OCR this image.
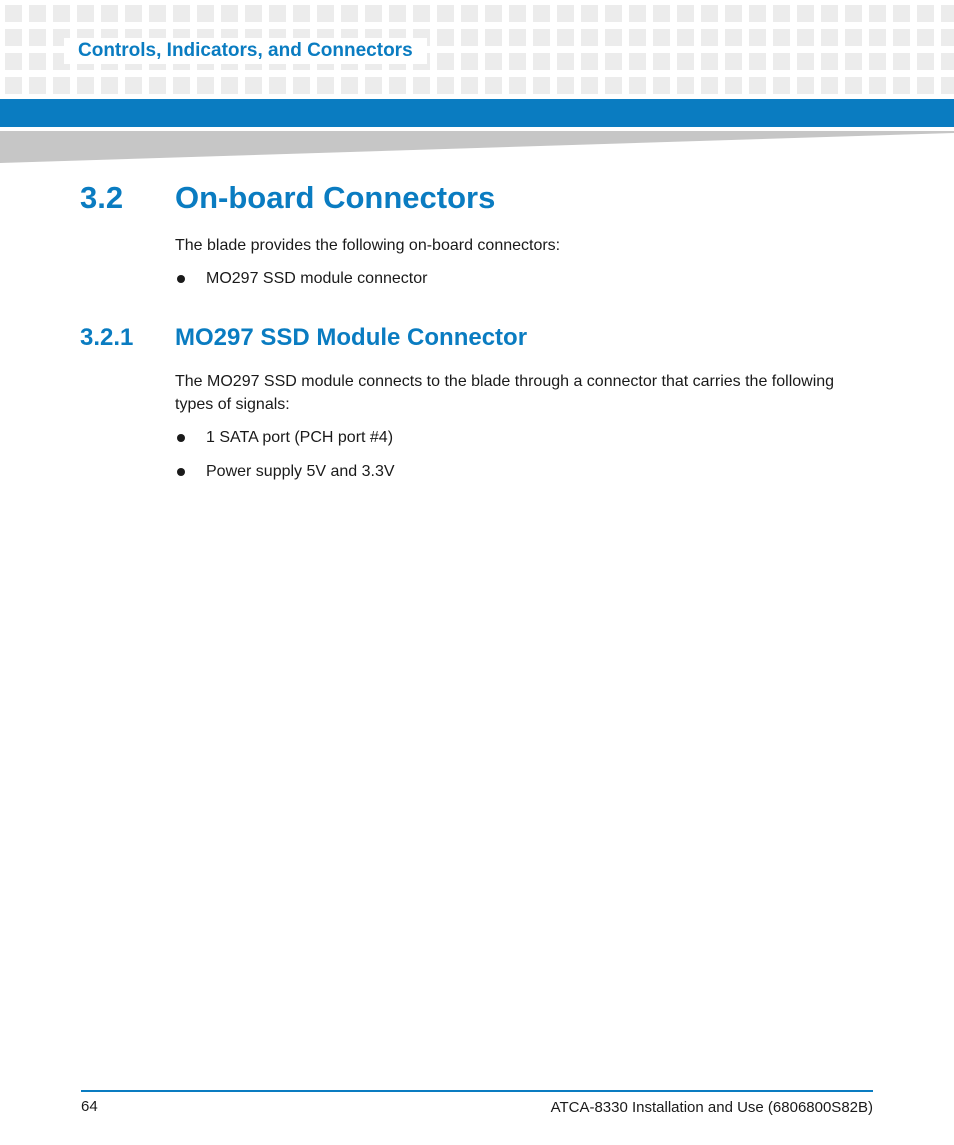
Controls, Indicators, and Connectors
3.2 On-board Connectors
The blade provides the following on-board connectors:
MO297 SSD module connector
3.2.1 MO297 SSD Module Connector
The MO297 SSD module connects to the blade through a connector that carries the following types of signals:
1 SATA port (PCH port #4)
Power supply 5V and 3.3V
64	ATCA-8330 Installation and Use (6806800S82B)
